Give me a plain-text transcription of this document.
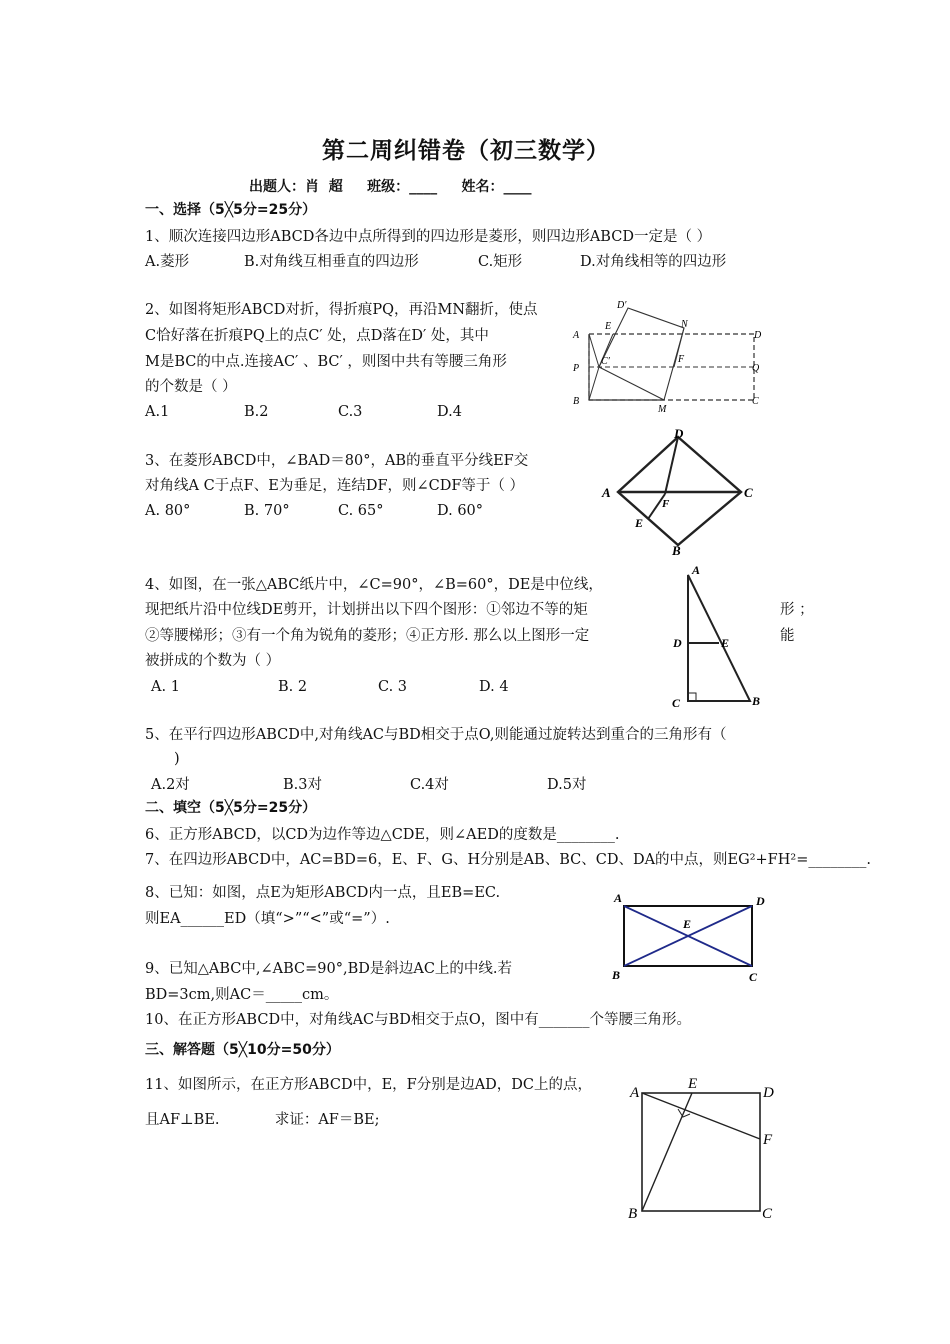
第二周纠错卷（初三数学）
出题人：肖  超     班级：____     姓名：____
一、选择（5╳5分=25分）
1、顺次连接四边形ABCD各边中点所得到的四边形是菱形，则四边形ABCD一定是（ ）
A.菱形	B.对角线互相垂直的四边形	C.矩形	D.对角线相等的四边形
2、如图将矩形ABCD对折，得折痕PQ，再沿MN翻折，使点
C恰好落在折痕PQ上的点C′ 处，点D落在D′ 处，其中
M是BC的中点.连接AC′ 、BC′ ，则图中共有等腰三角形
的个数是（ ）
A.1	B.2	C.3	D.4
D′
E	N
A	D
C′
P	Q
F
B
M
C
3、在菱形ABCD中，∠BAD＝80°，AB的垂直平分线EF交
对角线A C于点F、E为垂足，连结DF，则∠CDF等于（ ）
A. 80°	B. 70°	C. 65°	D. 60°
D
A
F
C
E
B
4、如图，在一张△ABC纸片中，∠C=90°，∠B=60°，DE是中位线，
现把纸片沿中位线DE剪开，计划拼出以下四个图形：①邻边不等的矩	形 ；
②等腰梯形；③有一个角为锐角的菱形；④正方形. 那么以上图形一定	能
被拼成的个数为（ ）
A. 1	B. 2	C. 3	D. 4
A
D	E
C	B
5、在平行四边形ABCD中,对角线AC与BD相交于点O,则能通过旋转达到重合的三角形有（
)
A.2对	B.3对	C.4对	D.5对
二、填空（5╳5分=25分）
6、正方形ABCD，以CD为边作等边△CDE，则∠AED的度数是________.
7、在四边形ABCD中，AC=BD=6，E、F、G、H分别是AB、BC、CD、DA的中点，则EG²+FH²=________.
8、已知：如图，点E为矩形ABCD内一点，且EB=EC.
则EA______ED（填“>”“<”或“=”）.
A	D
E
B	C
9、已知△ABC中,∠ABC=90°,BD是斜边AC上的中线.若
BD=3cm,则AC＝_____cm。
10、在正方形ABCD中，对角线AC与BD相交于点O，图中有_______个等腰三角形。
三、解答题（5╳10分=50分）
11、如图所示，在正方形ABCD中，E，F分别是边AD，DC上的点，
且AF⊥BE.            求证：AF＝BE;
A
E
D
F
B	C
